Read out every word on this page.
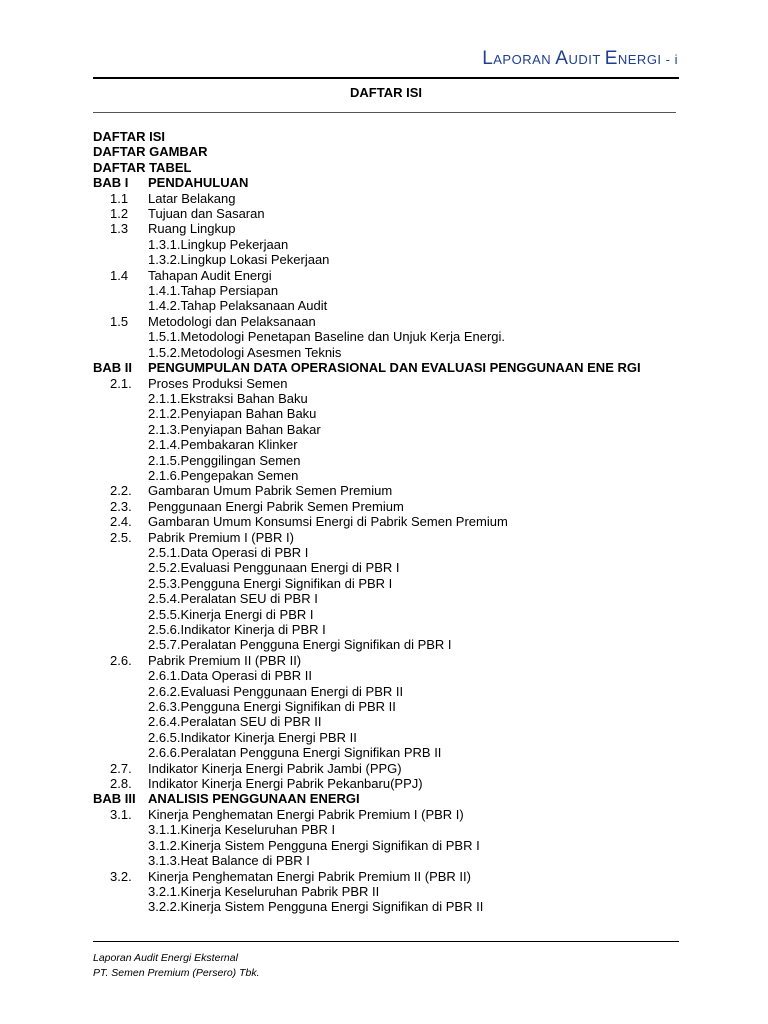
LAPORAN AUDIT ENERGI - i
DAFTAR ISI
DAFTAR ISI
DAFTAR GAMBAR
DAFTAR TABEL
BAB I	PENDAHULUAN
1.1	Latar Belakang
1.2	Tujuan dan Sasaran
1.3	Ruang Lingkup
1.3.1.Lingkup Pekerjaan
1.3.2.Lingkup Lokasi Pekerjaan
1.4	Tahapan Audit Energi
1.4.1.Tahap Persiapan
1.4.2.Tahap Pelaksanaan Audit
1.5	Metodologi dan Pelaksanaan
1.5.1.Metodologi Penetapan Baseline dan Unjuk Kerja Energi.
1.5.2.Metodologi Asesmen Teknis
BAB II	PENGUMPULAN DATA OPERASIONAL DAN EVALUASI PENGGUNAAN ENE RGI
2.1.	Proses Produksi Semen
2.1.1.Ekstraksi Bahan Baku
2.1.2.Penyiapan Bahan Baku
2.1.3.Penyiapan Bahan Bakar
2.1.4.Pembakaran Klinker
2.1.5.Penggilingan Semen
2.1.6.Pengepakan Semen
2.2.	Gambaran Umum Pabrik Semen Premium
2.3.	Penggunaan Energi Pabrik Semen Premium
2.4.	Gambaran Umum Konsumsi Energi di Pabrik Semen Premium
2.5.	Pabrik Premium I (PBR I)
2.5.1.Data Operasi di PBR I
2.5.2.Evaluasi Penggunaan Energi di PBR I
2.5.3.Pengguna Energi Signifikan di PBR I
2.5.4.Peralatan SEU di PBR I
2.5.5.Kinerja Energi di PBR I
2.5.6.Indikator Kinerja di PBR I
2.5.7.Peralatan Pengguna Energi Signifikan di PBR I
2.6.	Pabrik Premium II (PBR II)
2.6.1.Data Operasi di PBR II
2.6.2.Evaluasi Penggunaan Energi di PBR II
2.6.3.Pengguna Energi Signifikan di PBR II
2.6.4.Peralatan SEU di PBR II
2.6.5.Indikator Kinerja Energi PBR II
2.6.6.Peralatan Pengguna Energi Signifikan PRB II
2.7.	Indikator Kinerja Energi Pabrik Jambi (PPG)
2.8.	Indikator Kinerja Energi Pabrik Pekanbaru(PPJ)
BAB III ANALISIS PENGGUNAAN ENERGI
3.1.	Kinerja Penghematan Energi Pabrik Premium I (PBR I)
3.1.1.Kinerja Keseluruhan PBR I
3.1.2.Kinerja Sistem Pengguna Energi Signifikan di PBR I
3.1.3.Heat Balance di PBR I
3.2.	Kinerja Penghematan Energi Pabrik Premium II (PBR II)
3.2.1.Kinerja Keseluruhan Pabrik PBR II
3.2.2.Kinerja Sistem Pengguna Energi Signifikan di PBR II
Laporan Audit Energi Eksternal
PT. Semen Premium (Persero) Tbk.
